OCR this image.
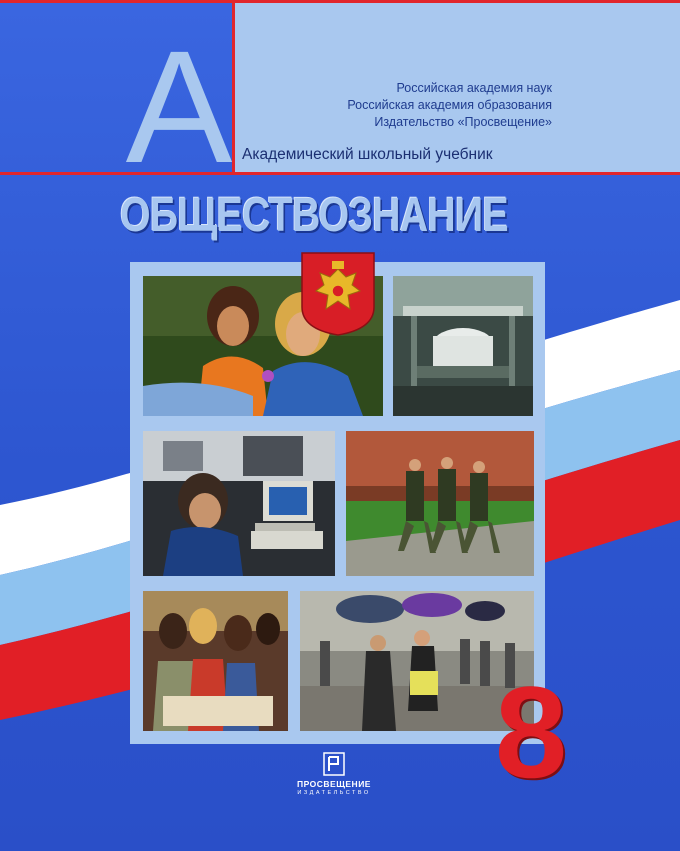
А	Российская академия наук
Российская академия образования
Издательство «Просвещение»
Академический школьный учебник
ОБЩЕСТВОЗНАНИЕ
8
ПРОСВЕЩЕНИЕ
ИЗДАТЕЛЬСТВО
